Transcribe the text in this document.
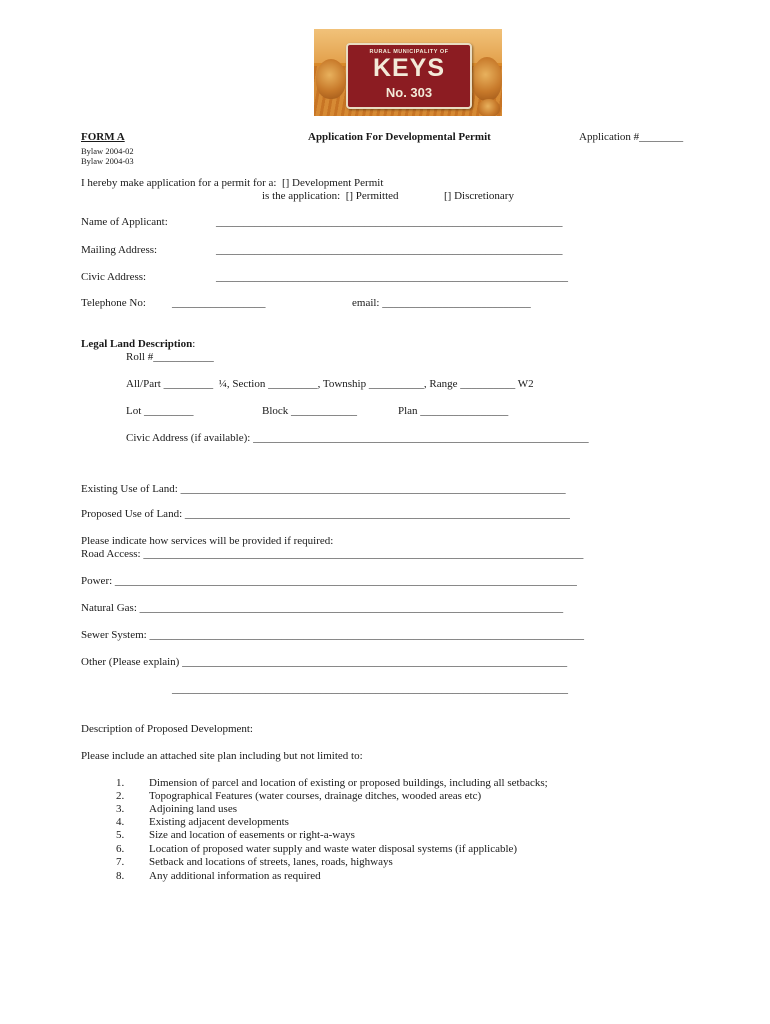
RURAL MUNICIPALITY OF
KEYS
No. 303
FORM A	Application For Developmental Permit	Application #________
Bylaw 2004-02
Bylaw 2004-03
I hereby make application for a permit for a:  [] Development Permit
is the application:  [] Permitted	[] Discretionary
Name of Applicant:	_______________________________________________________________
Mailing Address:	_______________________________________________________________
Civic Address:	________________________________________________________________
Telephone No: _________________	email: ___________________________
Legal Land Description:
Roll #___________
All/Part _________  ¼, Section _________, Township __________, Range __________ W2
Lot _________	Block ____________	Plan ________________
Civic Address (if available): _____________________________________________________________
Existing Use of Land: ______________________________________________________________________
Proposed Use of Land: ______________________________________________________________________
Please indicate how services will be provided if required:
Road Access: ________________________________________________________________________________
Power: ____________________________________________________________________________________
Natural Gas: _____________________________________________________________________________
Sewer System: _______________________________________________________________________________
Other (Please explain) ______________________________________________________________________
________________________________________________________________________
Description of Proposed Development:
Please include an attached site plan including but not limited to:
1. Dimension of parcel and location of existing or proposed buildings, including all setbacks;
2. Topographical Features (water courses, drainage ditches, wooded areas etc)
3. Adjoining land uses
4. Existing adjacent developments
5. Size and location of easements or right-a-ways
6. Location of proposed water supply and waste water disposal systems (if applicable)
7. Setback and locations of streets, lanes, roads, highways
8. Any additional information as required
